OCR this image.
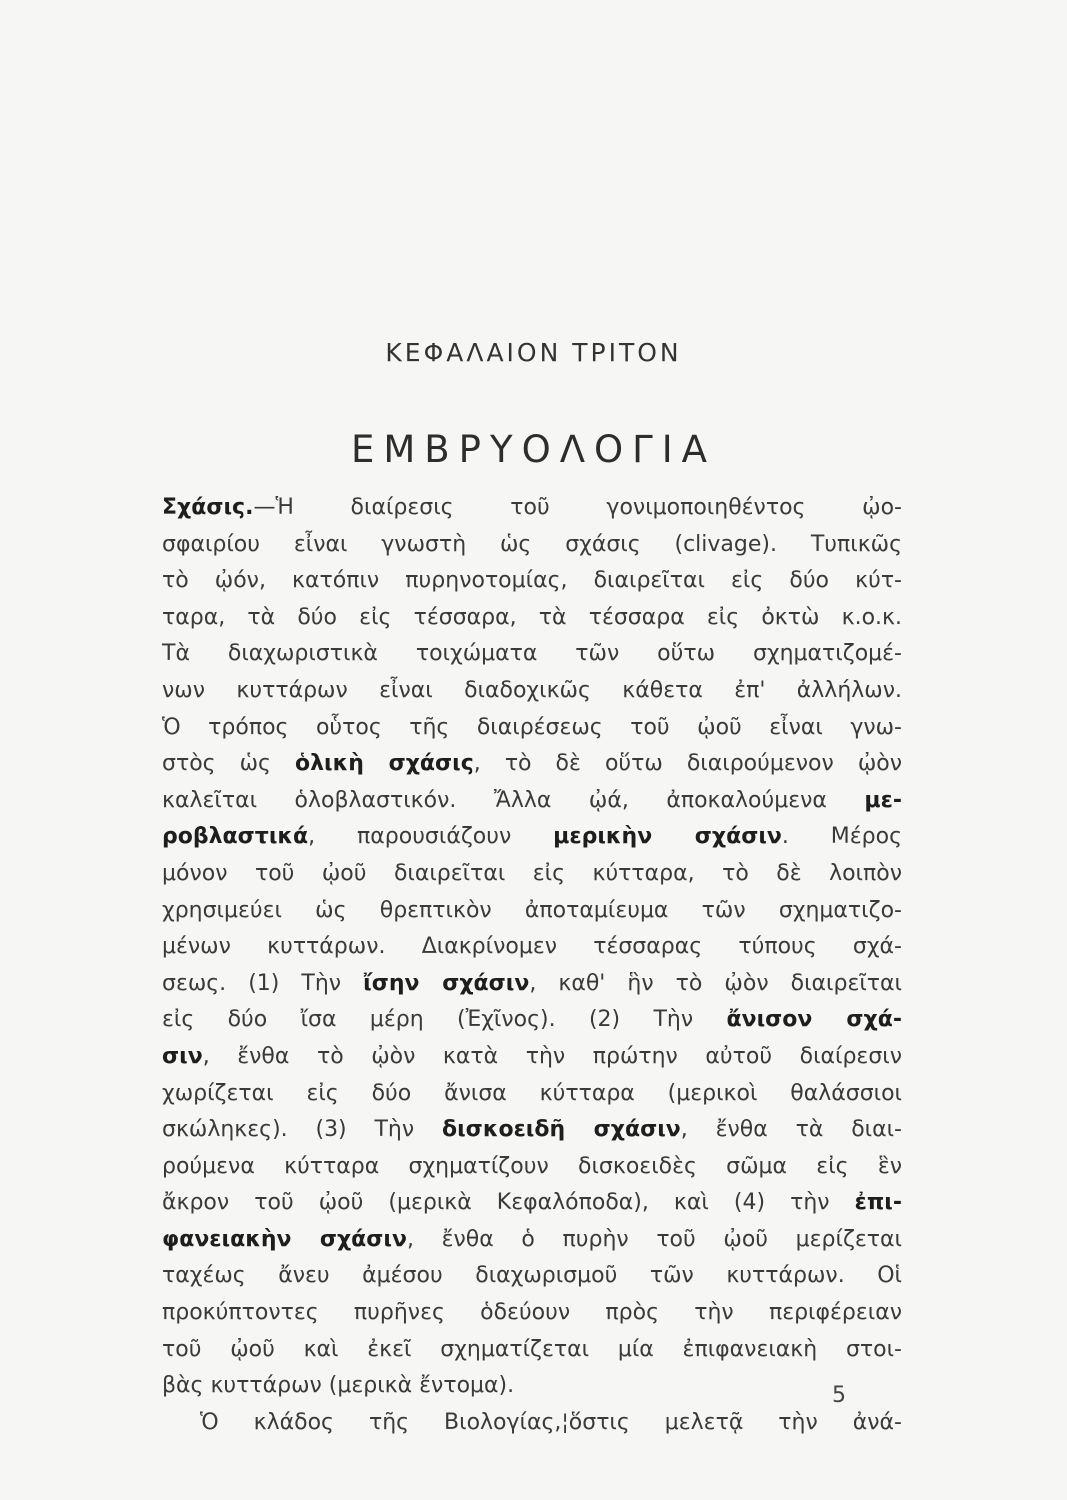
ΚΕΦΑΛΑΙΟΝ ΤΡΙΤΟΝ
ΕΜΒΡΥΟΛΟΓΙΑ
Σχάσις.—Ἡ διαίρεσις τοῦ γονιμοποιηθέντος ᾠο-
σφαιρίου εἶναι γνωστὴ ὡς σχάσις (clivage). Τυπικῶς
τὸ ᾠόν, κατόπιν πυρηνοτομίας, διαιρεῖται εἰς δύο κύτ-
ταρα, τὰ δύο εἰς τέσσαρα, τὰ τέσσαρα εἰς ὀκτὼ κ.ο.κ.
Τὰ διαχωριστικὰ τοιχώματα τῶν οὕτω σχηματιζομέ-
νων κυττάρων εἶναι διαδοχικῶς κάθετα ἐπ' ἀλλήλων.
Ὁ τρόπος οὗτος τῆς διαιρέσεως τοῦ ᾠοῦ εἶναι γνω-
στὸς ὡς ὁλικὴ σχάσις, τὸ δὲ οὕτω διαιρούμενον ᾠὸν
καλεῖται ὁλοβλαστικόν. Ἄλλα ᾠά, ἀποκαλούμενα με-
ροβλαστικά, παρουσιάζουν μερικὴν σχάσιν. Μέρος
μόνον τοῦ ᾠοῦ διαιρεῖται εἰς κύτταρα, τὸ δὲ λοιπὸν
χρησιμεύει ὡς θρεπτικὸν ἀποταμίευμα τῶν σχηματιζο-
μένων κυττάρων. Διακρίνομεν τέσσαρας τύπους σχά-
σεως. (1) Τὴν ἴσην σχάσιν, καθ' ἣν τὸ ᾠὸν διαιρεῖται
εἰς δύο ἴσα μέρη (Ἐχῖνος). (2) Τὴν ἄνισον σχά-
σιν, ἔνθα τὸ ᾠὸν κατὰ τὴν πρώτην αὐτοῦ διαίρεσιν
χωρίζεται εἰς δύο ἄνισα κύτταρα (μερικοὶ θαλάσσιοι
σκώληκες). (3) Τὴν δισκοειδῆ σχάσιν, ἔνθα τὰ διαι-
ρούμενα κύτταρα σχηματίζουν δισκοειδὲς σῶμα εἰς ἓν
ἄκρον τοῦ ᾠοῦ (μερικὰ Κεφαλόποδα), καὶ (4) τὴν ἐπι-
φανειακὴν σχάσιν, ἔνθα ὁ πυρὴν τοῦ ᾠοῦ μερίζεται
ταχέως ἄνευ ἀμέσου διαχωρισμοῦ τῶν κυττάρων. Οἱ
προκύπτοντες πυρῆνες ὁδεύουν πρὸς τὴν περιφέρειαν
τοῦ ᾠοῦ καὶ ἐκεῖ σχηματίζεται μία ἐπιφανειακὴ στοι-
βὰς κυττάρων (μερικὰ ἔντομα).
Ὁ κλάδος τῆς Βιολογίας,¦ὅστις μελετᾷ τὴν ἀνά-
5
